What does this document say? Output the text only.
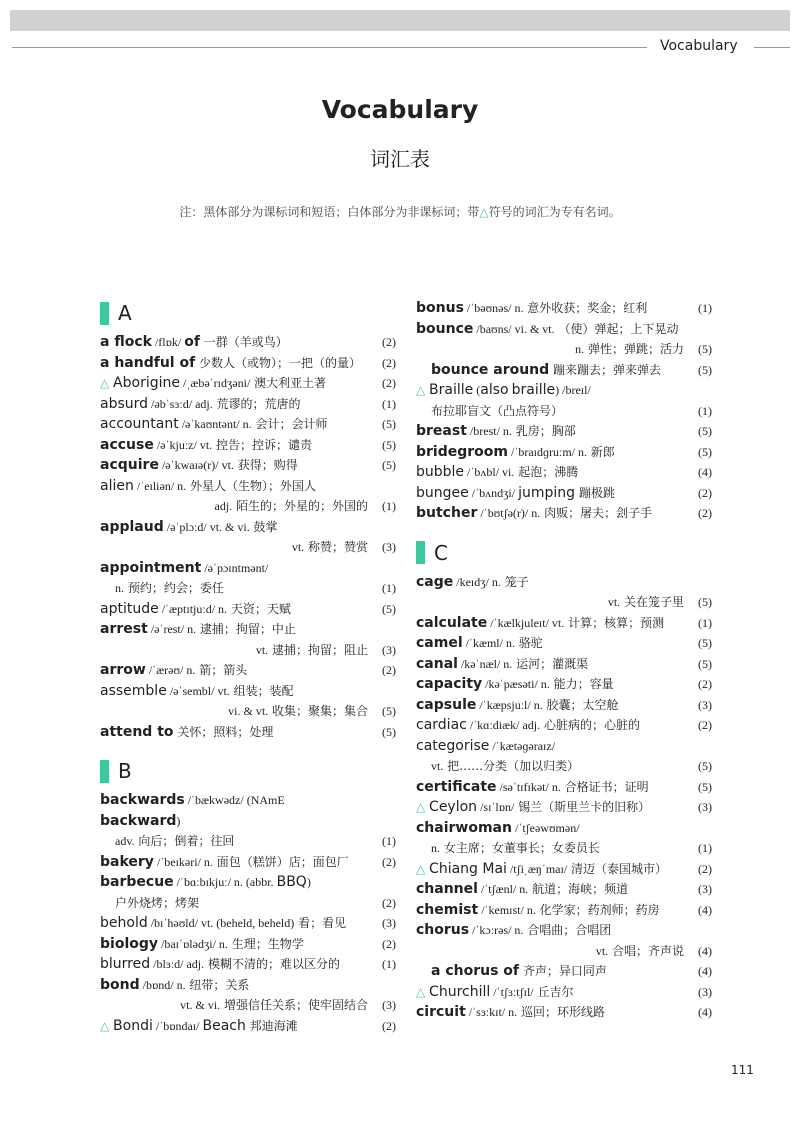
Vocabulary
Vocabulary
词汇表
注：黑体部分为课标词和短语；白体部分为非课标词；带△符号的词汇为专有名词。
A
a flock /flɒk/ of 一群（羊或鸟）	(2)
a handful of 少数人（或物）；一把（的量）	(2)
△ Aborigine /ˌæbəˈrɪdʒəni/ 澳大利亚土著	(2)
absurd /əbˈsɜːd/ adj. 荒谬的；荒唐的	(1)
accountant /əˈkaʊntənt/ n. 会计；会计师	(5)
accuse /əˈkjuːz/ vt. 控告；控诉；谴责	(5)
acquire /əˈkwaɪə(r)/ vt. 获得；购得	(5)
alien /ˈeɪliən/ n. 外星人（生物）；外国人
adj. 陌生的；外星的；外国的 (1)
applaud /əˈplɔːd/ vt. & vi. 鼓掌
vt. 称赞；赞赏 (3)
appointment /əˈpɔɪntmənt/
n. 预约；约会；委任	(1)
aptitude /ˈæptɪtjuːd/ n. 天资；天赋	(5)
arrest /əˈrest/ n. 逮捕；拘留；中止
vt. 逮捕；拘留；阻止 (3)
arrow /ˈærəʊ/ n. 箭；箭头	(2)
assemble /əˈsembl/ vt. 组装；装配
vi. & vt. 收集；聚集；集合 (5)
attend to 关怀；照料；处理	(5)
B
backwards /ˈbækwədz/ (NAmE backward)
adv. 向后；倒着；往回	(1)
bakery /ˈbeɪkəri/ n. 面包（糕饼）店；面包厂	(2)
barbecue /ˈbɑːbɪkjuː/ n. (abbr. BBQ)
户外烧烤；烤架	(2)
behold /bɪˈhəʊld/ vt. (beheld, beheld) 看；看见	(3)
biology /baɪˈɒlədʒi/ n. 生理；生物学	(2)
blurred /blɜːd/ adj. 模糊不清的；难以区分的	(1)
bond /bɒnd/ n. 纽带；关系
vt. & vi. 增强信任关系；使牢固结合 (3)
△ Bondi /ˈbɒndaɪ/ Beach 邦迪海滩	(2)
bonus /ˈbəʊnəs/ n. 意外收获；奖金；红利	(1)
bounce /baʊns/ vi. & vt. （使）弹起；上下晃动
n. 弹性；弹跳；活力 (5)
bounce around 蹦来蹦去；弹来弹去	(5)
△ Braille (also braille) /breɪl/
布拉耶盲文（凸点符号）	(1)
breast /brest/ n. 乳房；胸部	(5)
bridegroom /ˈbraɪdɡruːm/ n. 新郎	(5)
bubble /ˈbʌbl/ vi. 起泡；沸腾	(4)
bungee /ˈbʌndʒi/ jumping 蹦极跳	(2)
butcher /ˈbʊtʃə(r)/ n. 肉贩；屠夫；刽子手	(2)
C
cage /keɪdʒ/ n. 笼子
vt. 关在笼子里 (5)
calculate /ˈkælkjuleɪt/ vt. 计算；核算；预测	(1)
camel /ˈkæml/ n. 骆驼	(5)
canal /kəˈnæl/ n. 运河；灌溉渠	(5)
capacity /kəˈpæsəti/ n. 能力；容量	(2)
capsule /ˈkæpsjuːl/ n. 胶囊；太空舱	(3)
cardiac /ˈkɑːdiæk/ adj. 心脏病的；心脏的	(2)
categorise /ˈkætəɡəraɪz/
vt. 把……分类（加以归类）	(5)
certificate /səˈtɪfɪkət/ n. 合格证书；证明	(5)
△ Ceylon /sɪˈlɒn/ 锡兰（斯里兰卡的旧称）	(3)
chairwoman /ˈtʃeəwʊmən/
n. 女主席；女董事长；女委员长	(1)
△ Chiang Mai /tʃiˌæŋˈmaɪ/ 清迈（泰国城市）	(2)
channel /ˈtʃænl/ n. 航道；海峡；频道	(3)
chemist /ˈkemɪst/ n. 化学家；药剂师；药房	(4)
chorus /ˈkɔːrəs/ n. 合唱曲；合唱团
vt. 合唱；齐声说 (4)
a chorus of 齐声；异口同声	(4)
△ Churchill /ˈtʃɜːtʃɪl/ 丘吉尔	(3)
circuit /ˈsɜːkɪt/ n. 巡回；环形线路	(4)
111
